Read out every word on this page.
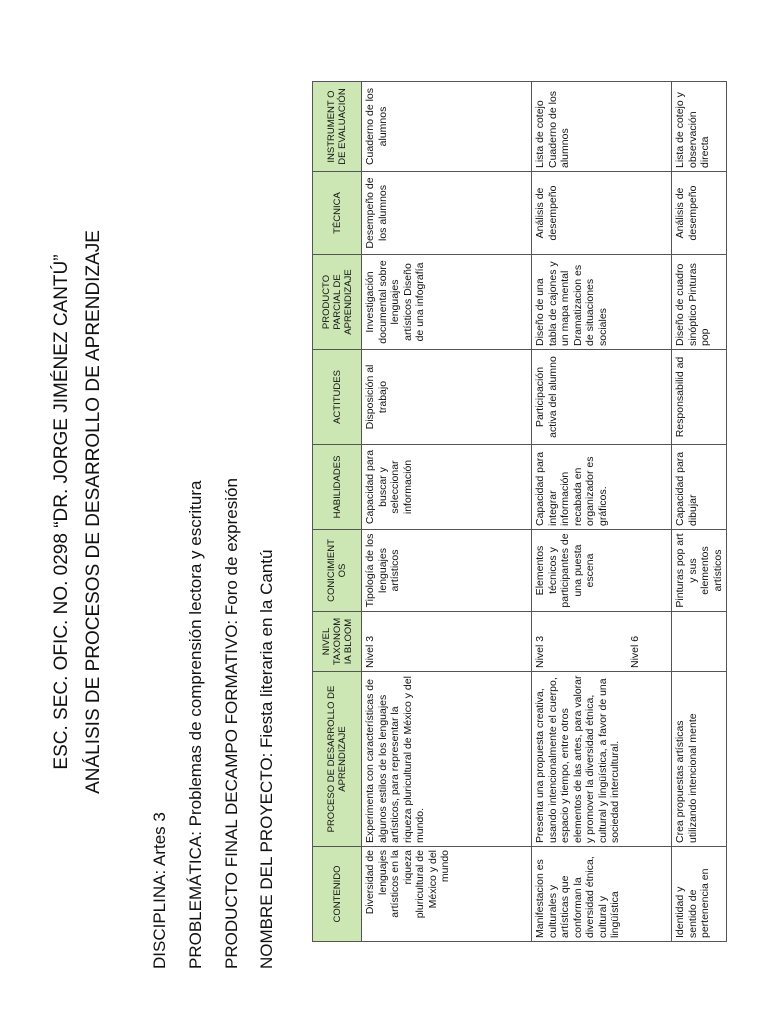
ESC. SEC. OFIC. NO. 0298 “DR. JORGE JIMÉNEZ CANTÚ” ANÁLISIS DE PROCESOS DE DESARROLLO DE APRENDIZAJE
DISCIPLINA: Artes 3 PROBLEMÁTICA: Problemas de comprensión lectora y escritura PRODUCTO FINAL DECAMPO FORMATIVO: Foro de expresión NOMBRE DEL PROYECTO: Fiesta literaria en la Cantú	CONTENIDO	PROCESO DE DESARROLLO DE APRENDIZAJE	NIVEL TAXONOM IA BLOOM	CONICIMIENT OS	HABILIDADES	ACTITUDES	PRODUCTO PARCIAL DE APRENDIZAJE	TÉCNICA	INSTRUMENT O DE EVALUACIÓN
Diversidad de lenguajes artísticos en la riqueza pluricultural de México y del mundo	Experimenta con características de algunos estilos de los lenguajes artísticos, para representar la riqueza pluricultural de México y del mundo.	Nivel 3	Tipología de los lenguajes artísticos	Capacidad para buscar y seleccionar información	Disposición al trabajo	Investigación documental sobre lenguajes artísticos Diseño de una infografía	Desempeño de los alumnos	Cuaderno de los alumnos
Manifestacion es culturales y artísticas que conforman la diversidad étnica, cultural y lingüística	Presenta una propuesta creativa, usando intencionalmente el cuerpo, espacio y tiempo, entre otros elementos de las artes, para valorar y promover la diversidad étnica, cultural y lingüística, a favor de una sociedad intercultural.	Nivel 3 Nivel 6	Elementos técnicos y participantes de una puesta escena	Capacidad para integrar información recabada en organizador es gráficos.	Participación activa del alumno	Diseño de una tabla de cajones y un mapa mental Dramatizacion es de situaciones sociales	Análisis de desempeño	Lista de cotejo Cuaderno de los alumnos
Identidad y sentido de pertenencia en	Crea propuestas artísticas utilizando intencional mente		Pinturas pop art y sus elementos artísticos	Capacidad para dibujar	Responsabilid ad	Diseño de cuadro sinóptico Pinturas pop	Análisis de desempeño	Lista de cotejo y observación directa
